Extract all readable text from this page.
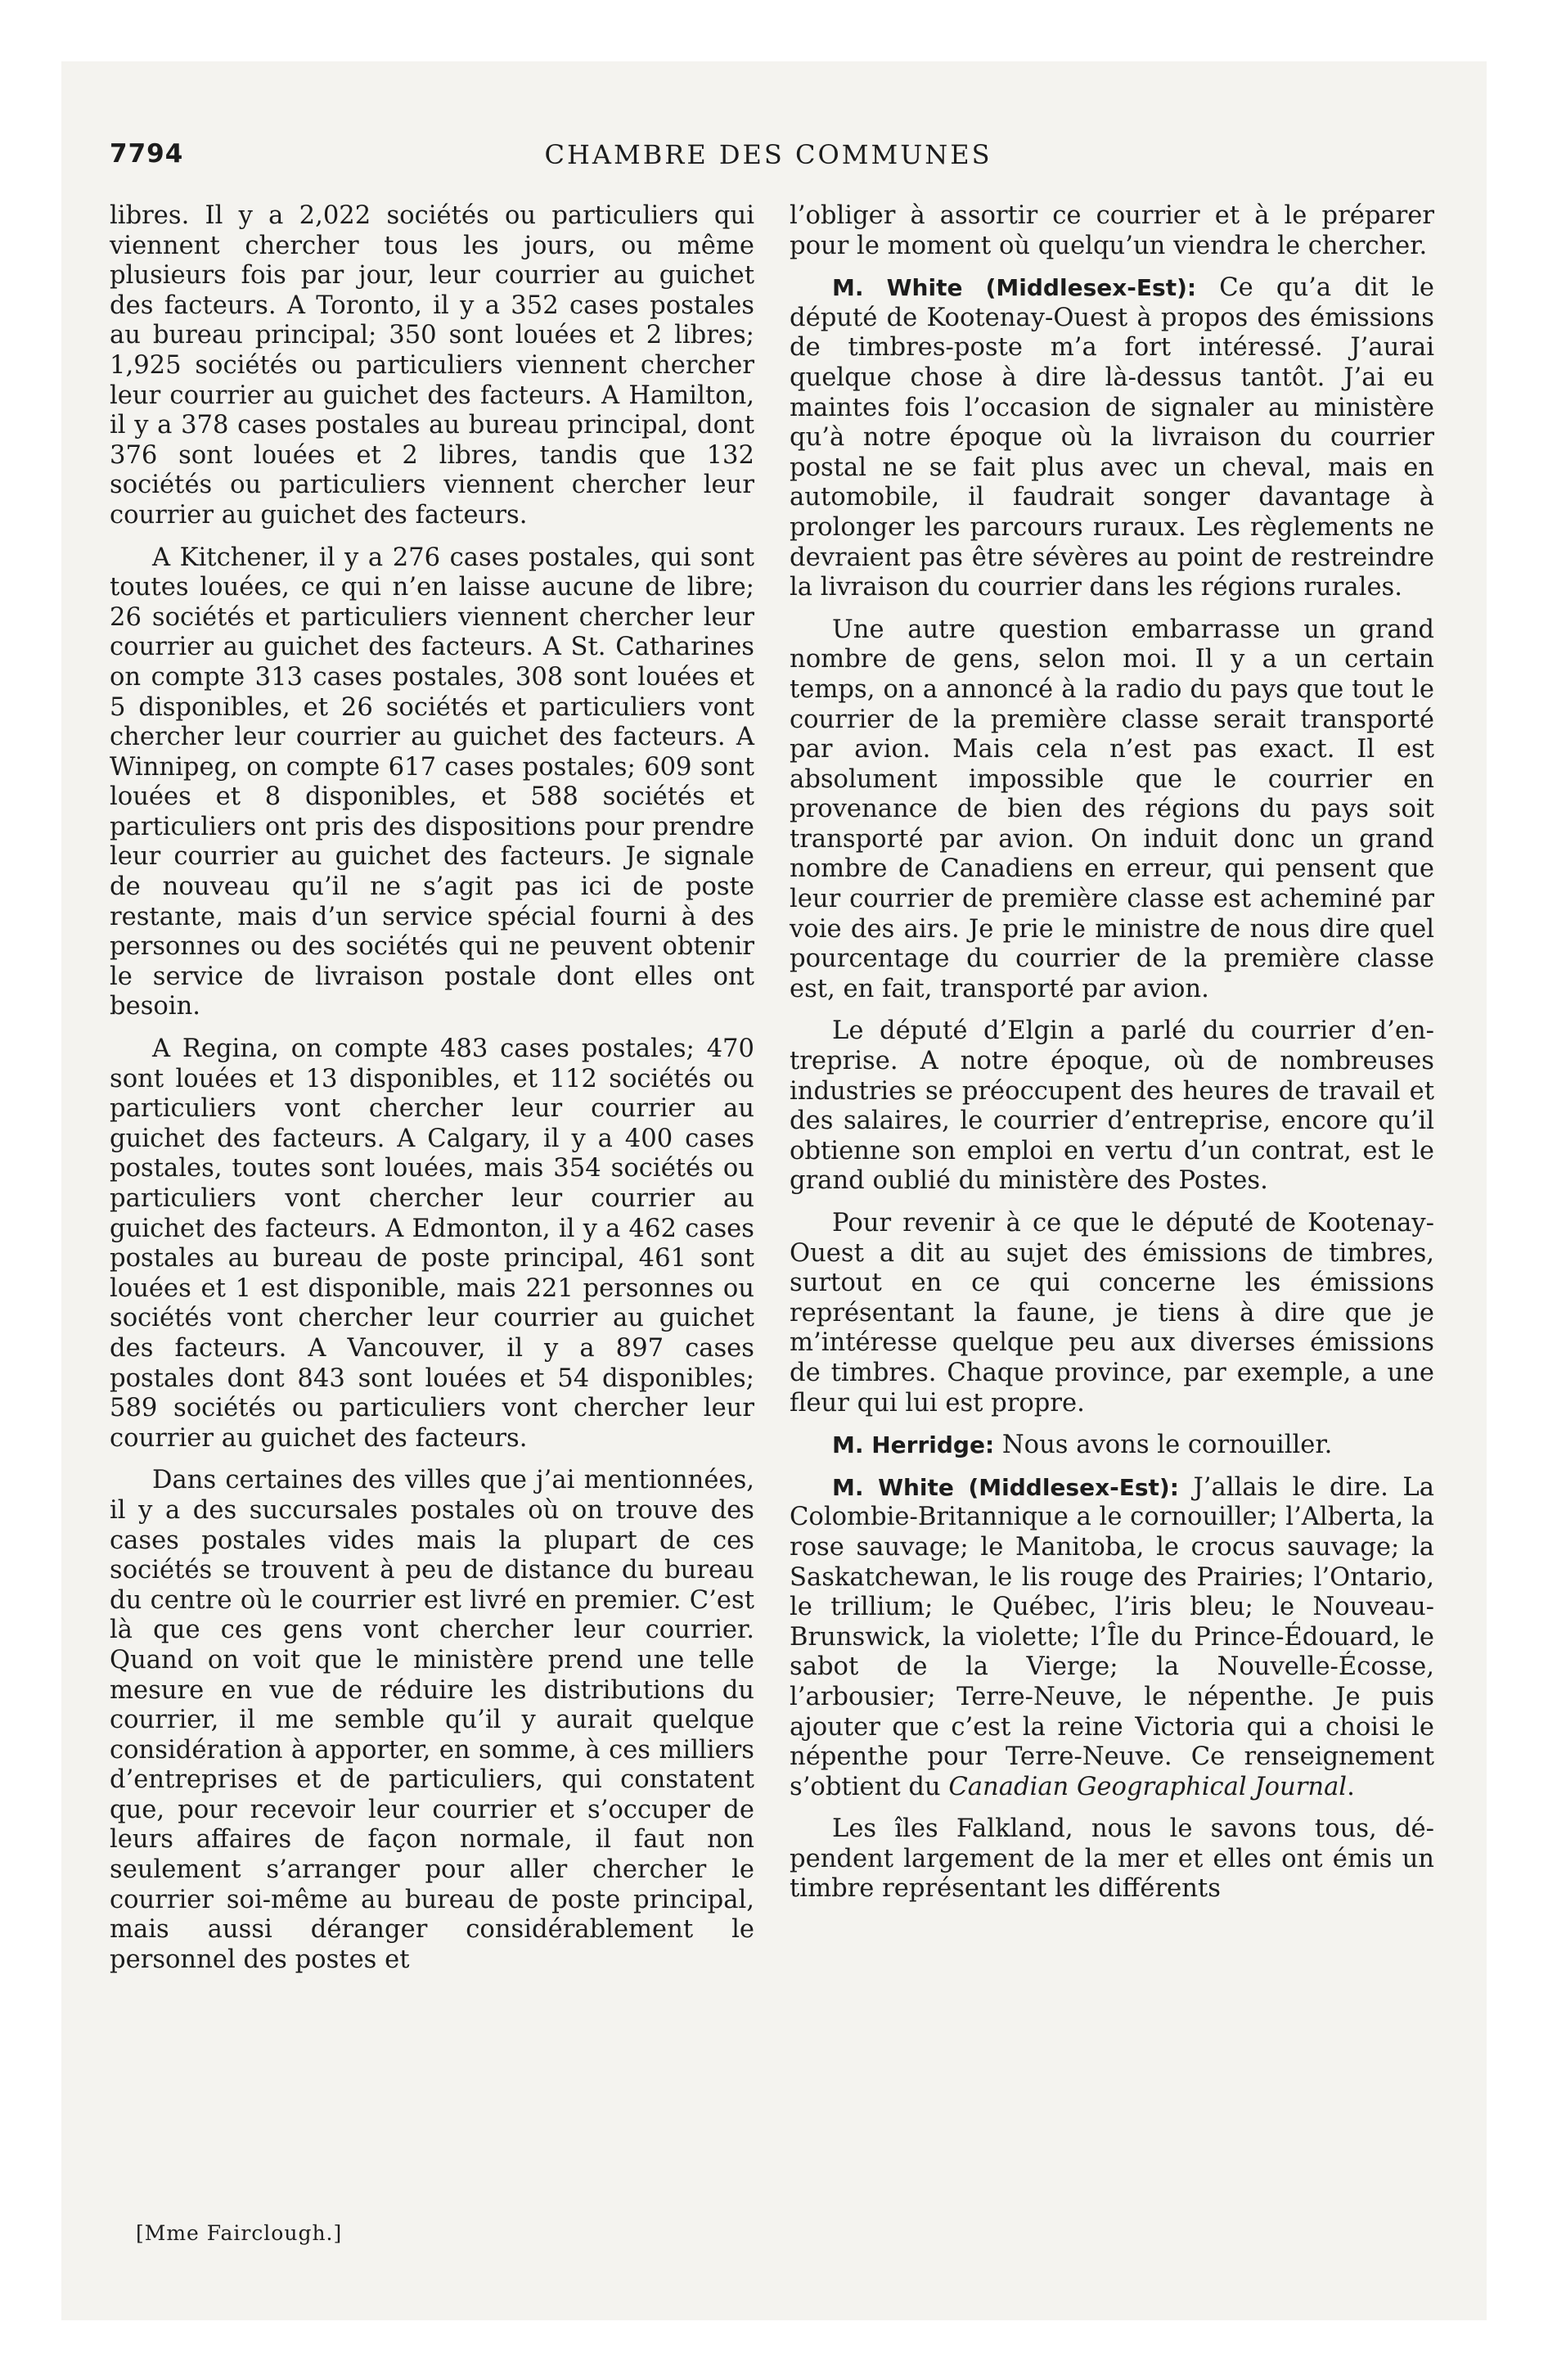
7794	CHAMBRE DES COMMUNES

libres. Il y a 2,022 sociétés ou particuliers qui viennent chercher tous les jours, ou même plusieurs fois par jour, leur courrier au guichet des facteurs. A Toronto, il y a 352 cases postales au bureau principal; 350 sont louées et 2 libres; 1,925 sociétés ou particuliers viennent chercher leur courrier au guichet des facteurs. A Hamilton, il y a 378 cases postales au bureau principal, dont 376 sont louées et 2 libres, tandis que 132 sociétés ou particuliers viennent chercher leur courrier au guichet des facteurs.

A Kitchener, il y a 276 cases postales, qui sont toutes louées, ce qui n’en laisse aucune de libre; 26 sociétés et particuliers viennent chercher leur courrier au guichet des facteurs. A St. Catharines on compte 313 cases postales, 308 sont louées et 5 disponibles, et 26 sociétés et particuliers vont chercher leur courrier au guichet des facteurs. A Winnipeg, on compte 617 cases postales; 609 sont louées et 8 disponibles, et 588 sociétés et particuliers ont pris des dispositions pour prendre leur courrier au guichet des facteurs. Je signale de nouveau qu’il ne s’agit pas ici de poste restante, mais d’un service spécial fourni à des personnes ou des sociétés qui ne peuvent obtenir le service de livraison postale dont elles ont besoin.

A Regina, on compte 483 cases postales; 470 sont louées et 13 disponibles, et 112 sociétés ou particuliers vont chercher leur courrier au guichet des facteurs. A Calgary, il y a 400 cases postales, toutes sont louées, mais 354 sociétés ou particuliers vont chercher leur courrier au guichet des facteurs. A Edmonton, il y a 462 cases postales au bureau de poste principal, 461 sont louées et 1 est disponible, mais 221 personnes ou sociétés vont chercher leur courrier au guichet des facteurs. A Vancouver, il y a 897 cases postales dont 843 sont louées et 54 disponibles; 589 sociétés ou particuliers vont chercher leur courrier au guichet des facteurs.

Dans certaines des villes que j’ai mentionnées, il y a des succursales postales où on trouve des cases postales vides mais la plupart de ces sociétés se trouvent à peu de distance du bureau du centre où le courrier est livré en premier. C’est là que ces gens vont chercher leur courrier. Quand on voit que le ministère prend une telle mesure en vue de réduire les distributions du courrier, il me semble qu’il y aurait quelque considération à apporter, en somme, à ces milliers d’entreprises et de particuliers, qui constatent que, pour recevoir leur courrier et s’occuper de leurs affaires de façon normale, il faut non seulement s’arranger pour aller chercher le courrier soi-même au bureau de poste principal, mais aussi déranger considérablement le personnel des postes et

l’obliger à assortir ce courrier et à le préparer pour le moment où quelqu’un viendra le chercher.

M. White (Middlesex-Est): Ce qu’a dit le député de Kootenay-Ouest à propos des émissions de timbres-poste m’a fort intéressé. J’aurai quelque chose à dire là-dessus tantôt. J’ai eu maintes fois l’occasion de signaler au ministère qu’à notre époque où la livraison du courrier postal ne se fait plus avec un cheval, mais en automobile, il faudrait songer davantage à prolonger les parcours ruraux. Les règlements ne devraient pas être sévères au point de restreindre la livraison du courrier dans les régions rurales.

Une autre question embarrasse un grand nombre de gens, selon moi. Il y a un certain temps, on a annoncé à la radio du pays que tout le courrier de la première classe serait transporté par avion. Mais cela n’est pas exact. Il est absolument impossible que le courrier en provenance de bien des régions du pays soit transporté par avion. On induit donc un grand nombre de Canadiens en erreur, qui pensent que leur courrier de première classe est acheminé par voie des airs. Je prie le ministre de nous dire quel pourcentage du courrier de la première classe est, en fait, transporté par avion.

Le député d’Elgin a parlé du courrier d’entreprise. A notre époque, où de nombreuses industries se préoccupent des heures de travail et des salaires, le courrier d’entreprise, encore qu’il obtienne son emploi en vertu d’un contrat, est le grand oublié du ministère des Postes.

Pour revenir à ce que le député de Kootenay-Ouest a dit au sujet des émissions de timbres, surtout en ce qui concerne les émissions représentant la faune, je tiens à dire que je m’intéresse quelque peu aux diverses émissions de timbres. Chaque province, par exemple, a une fleur qui lui est propre.

M. Herridge: Nous avons le cornouiller.

M. White (Middlesex-Est): J’allais le dire. La Colombie-Britannique a le cornouiller; l’Alberta, la rose sauvage; le Manitoba, le crocus sauvage; la Saskatchewan, le lis rouge des Prairies; l’Ontario, le trillium; le Québec, l’iris bleu; le Nouveau-Brunswick, la violette; l’Île du Prince-Édouard, le sabot de la Vierge; la Nouvelle-Écosse, l’arbousier; Terre-Neuve, le népenthe. Je puis ajouter que c’est la reine Victoria qui a choisi le népenthe pour Terre-Neuve. Ce renseignement s’obtient du Canadian Geographical Journal.

Les îles Falkland, nous le savons tous, dépendent largement de la mer et elles ont émis un timbre représentant les différents

[Mme Fairclough.]
